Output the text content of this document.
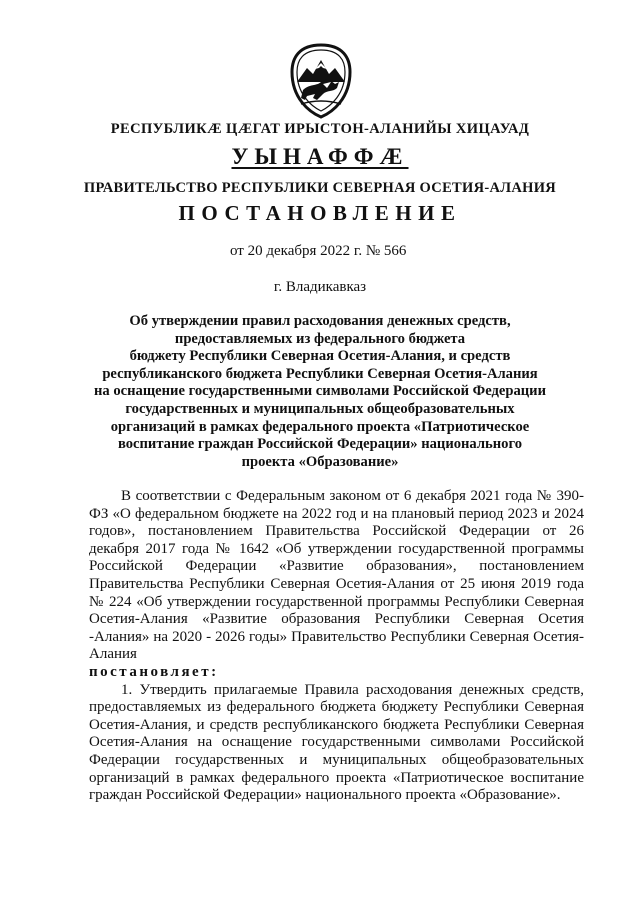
РЕСПУБЛИКӔ ЦӔГАТ ИРЫСТОН-АЛАНИЙЫ ХИЦАУАД
УЫНАФФӔ
ПРАВИТЕЛЬСТВО РЕСПУБЛИКИ СЕВЕРНАЯ ОСЕТИЯ-АЛАНИЯ
ПОСТАНОВЛЕНИЕ
от 20 декабря 2022 г. № 566
г. Владикавказ
Об утверждении правил расходования денежных средств,
предоставляемых из федерального бюджета
бюджету Республики Северная Осетия-Алания, и средств
республиканского бюджета Республики Северная Осетия-Алания
на оснащение государственными символами Российской Федерации
государственных и муниципальных общеобразовательных
организаций в рамках федерального проекта «Патриотическое
воспитание граждан Российской Федерации» национального
проекта «Образование»

В соответствии с Федеральным законом от 6 декабря 2021 года № 390-ФЗ «О федеральном бюджете на 2022 год и на плановый период 2023 и 2024 годов», постановлением Правительства Российской Федерации от 26 декабря 2017 года № 1642 «Об утверждении государственной программы Российской Федерации «Развитие образования», постановлением Правительства Республики Северная Осетия-Алания от 25 июня 2019 года № 224 «Об утверждении государственной программы Республики Северная Осетия-Алания «Развитие образования Республики Северная Осетия -Алания» на 2020 - 2026 годы» Правительство Республики Северная Осетия-Алания

постановляет:

1. Утвердить прилагаемые Правила расходования денежных средств, предоставляемых из федерального бюджета бюджету Республики Северная Осетия-Алания, и средств республиканского бюджета Республики Северная Осетия-Алания на оснащение государственными символами Российской Федерации государственных и муниципальных общеобразовательных организаций в рамках федерального проекта «Патриотическое воспитание граждан Российской Федерации» национального проекта «Образование».
